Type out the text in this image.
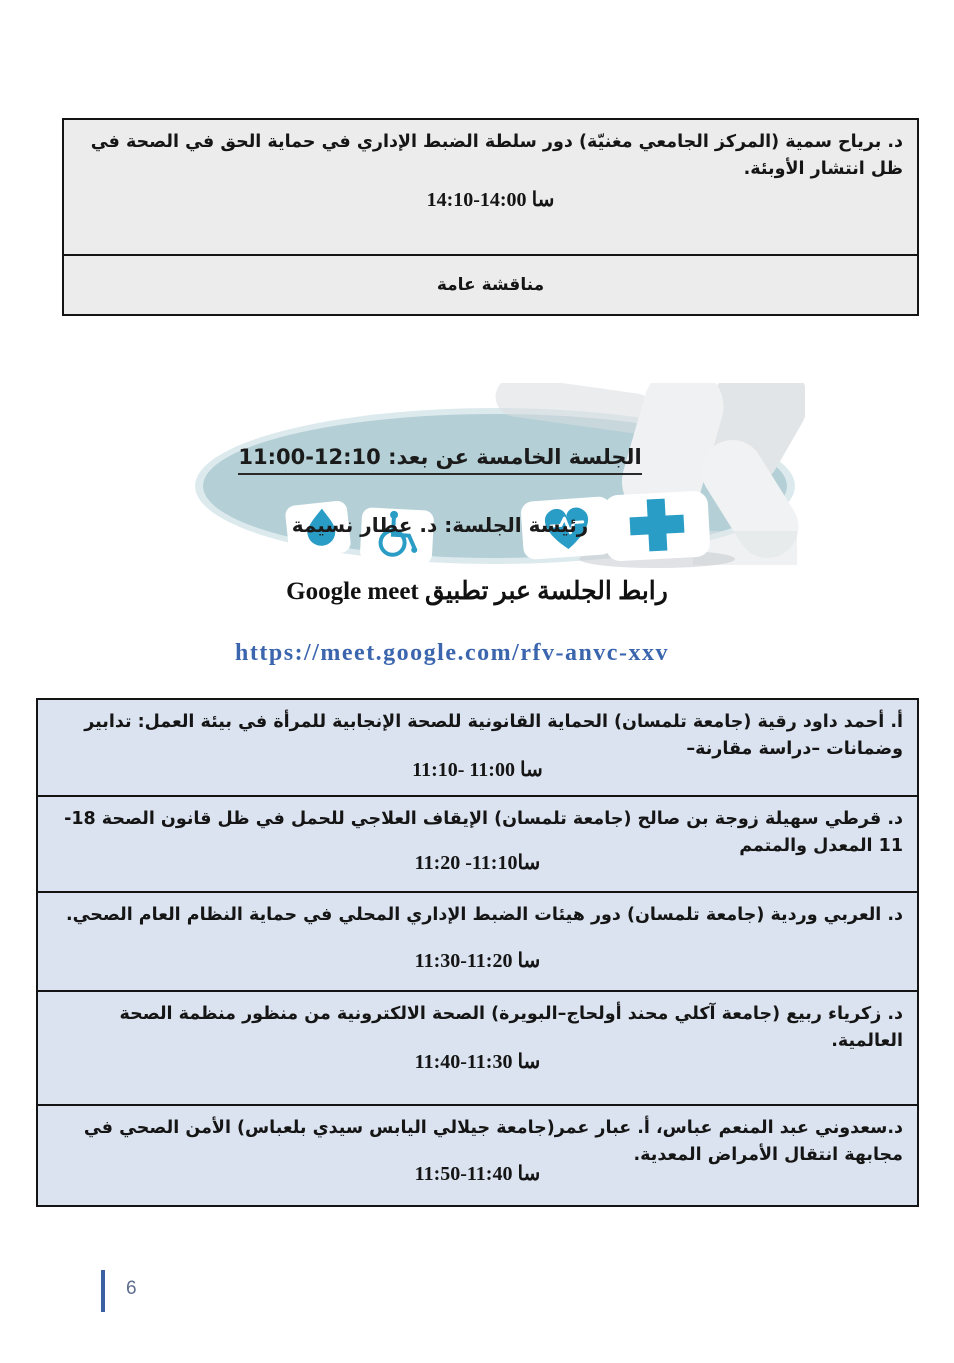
د. برياح سمية (المركز الجامعي مغنيّة) دور سلطة الضبط الإداري في حماية الحق في الصحة في ظل انتشار الأوبئة.
14:10-14:00 سا
مناقشة عامة
الجلسة الخامسة عن بعد: 12:10-11:00
رئيسة الجلسة: د. عطار نسيمة
رابط الجلسة عبر تطبيق Google meet
https://meet.google.com/rfv-anvc-xxv
أ. أحمد داود رقية (جامعة تلمسان) الحماية القانونية للصحة الإنجابية للمرأة في بيئة العمل: تدابير وضمانات –دراسة مقارنة–
11:10- 11:00 سا
د. قرطي سهيلة زوجة بن صالح (جامعة تلمسان) الإيقاف العلاجي للحمل في ظل قانون الصحة 18-11 المعدل والمتمم
11:20 -11:10سا
د. العربي وردية (جامعة تلمسان) دور هيئات الضبط الإداري المحلي في حماية النظام العام الصحي.
11:30-11:20 سا
د. زكرياء ربيع (جامعة آكلي محند أولحاج–البويرة) الصحة الالكترونية من منظور منظمة الصحة العالمية.
11:40-11:30 سا
د.سعدوني عبد المنعم عباس، أ. عبار عمر(جامعة جيلالي اليابس سيدي بلعباس) الأمن الصحي في مجابهة انتقال الأمراض المعدية.
11:50-11:40 سا
6
